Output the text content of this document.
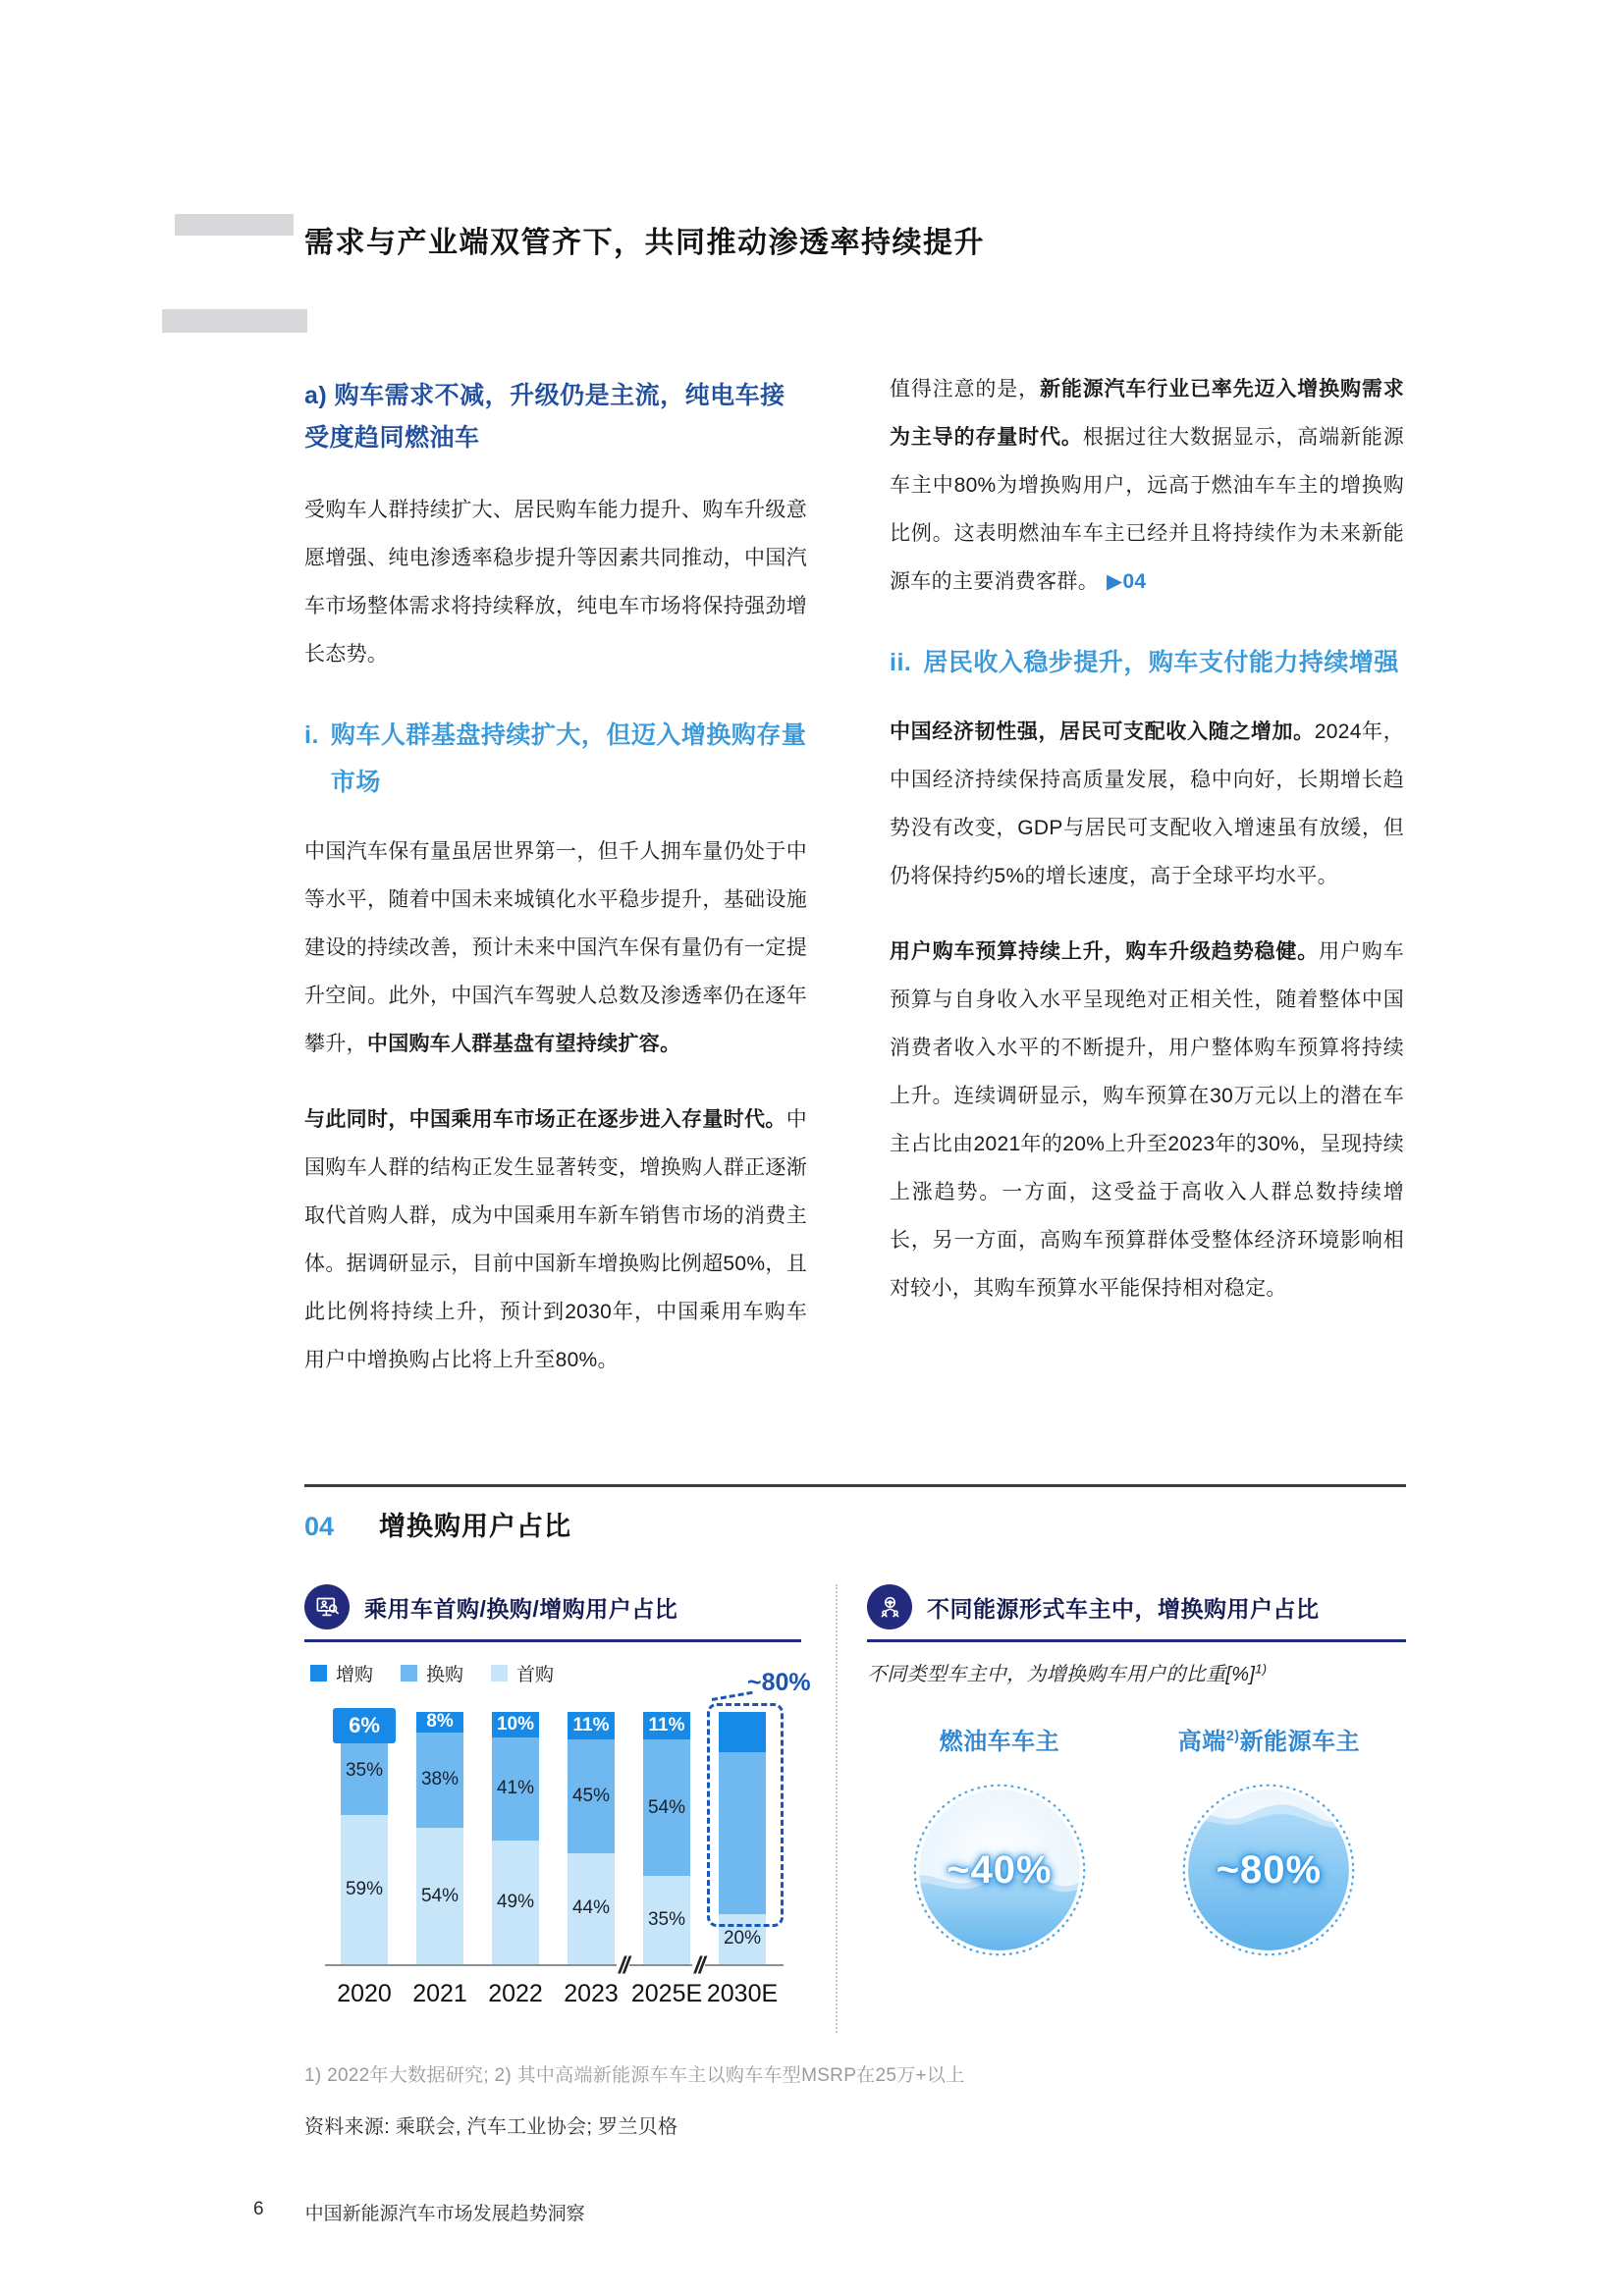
需求与产业端双管齐下，共同推动渗透率持续提升
a) 购车需求不减，升级仍是主流，纯电车接受度趋同燃油车

受购车人群持续扩大、居民购车能力提升、购车升级意愿增强、纯电渗透率稳步提升等因素共同推动，中国汽车市场整体需求将持续释放，纯电车市场将保持强劲增长态势。

i. 购车人群基盘持续扩大，但迈入增换购存量市场

中国汽车保有量虽居世界第一，但千人拥车量仍处于中等水平，随着中国未来城镇化水平稳步提升，基础设施建设的持续改善，预计未来中国汽车保有量仍有一定提升空间。此外，中国汽车驾驶人总数及渗透率仍在逐年攀升，中国购车人群基盘有望持续扩容。

与此同时，中国乘用车市场正在逐步进入存量时代。中国购车人群的结构正发生显著转变，增换购人群正逐渐取代首购人群，成为中国乘用车新车销售市场的消费主体。据调研显示，目前中国新车增换购比例超50%，且此比例将持续上升，预计到2030年，中国乘用车购车用户中增换购占比将上升至80%。

值得注意的是，新能源汽车行业已率先迈入增换购需求为主导的存量时代。根据过往大数据显示，高端新能源车主中80%为增换购用户，远高于燃油车车主的增换购比例。这表明燃油车车主已经并且将持续作为未来新能源车的主要消费客群。 ▶04

ii. 居民收入稳步提升，购车支付能力持续增强

中国经济韧性强，居民可支配收入随之增加。2024年，中国经济持续保持高质量发展，稳中向好，长期增长趋势没有改变，GDP与居民可支配收入增速虽有放缓，但仍将保持约5%的增长速度，高于全球平均水平。

用户购车预算持续上升，购车升级趋势稳健。用户购车预算与自身收入水平呈现绝对正相关性，随着整体中国消费者收入水平的不断提升，用户整体购车预算将持续上升。连续调研显示，购车预算在30万元以上的潜在车主占比由2021年的20%上升至2023年的30%，呈现持续上涨趋势。一方面，这受益于高收入人群总数持续增长，另一方面，高购车预算群体受整体经济环境影响相对较小，其购车预算水平能保持相对稳定。

04 增换购用户占比
乘用车首购/换购/增购用户占比
增购	换购	首购
6%
35%
59%
2020
8%
38%
54%
2021
10%
41%
49%
2022
11%
45%
44%
2023
11%
54%
35%
2025E
20%
2030E
//	//
~80%
不同能源形式车主中，增换购用户占比
不同类型车主中，为增换购车用户的比重[%]$^{1)}$
燃油车车主
~40%
高端$^{2)}$新能源车主
~80%
1) 2022年大数据研究; 2) 其中高端新能源车车主以购车车型MSRP在25万+以上
资料来源: 乘联会, 汽车工业协会; 罗兰贝格
6 中国新能源汽车市场发展趋势洞察
